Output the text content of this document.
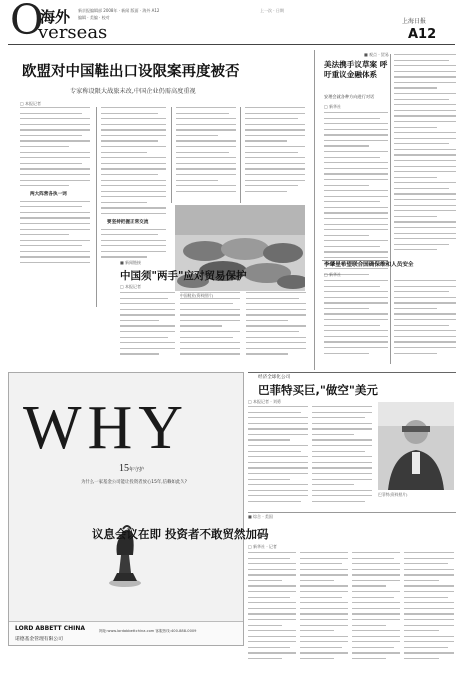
O
海外
verseas
新京报编辑部 2008年 · 新闻 版面 · 海外 A12
编辑 · 美编 · 校对
上一次 · 日期
上海日报
A12
欧盟对中国鞋出口设限案再度被否
专家称设限大战旅未改,中国企业仍需高度重视
□ 本报记者
两大阵营各执一词
要坚持把握正常交流
中国鞋业(资料照片)
■ 新闻链接
中国须"两手"应对贸易保护
□ 本报记者
■ 观点 · 贸易
美法携手议草案 呼吁重议金融体系
安理会就各种方向进行对话
□ 新华社
李肇星希望联合国确保维和人员安全
□ 新华社
经济全球化公司
巴菲特买巨,"做空"美元
□ 本报记者 · 刘勇
巴菲特(资料照片)
WHY
15年守护
为什么一家基金公司能让投资者放心15年,信赖如此久?
LORD ABBETT CHINA
诺德基金管理有限公司
网址:www.lordabbettchina.com 客服热线:400-888-0009
■ 综合 · 美国
议息会议在即 投资者不敢贸然加码
□ 新华社 · 记者
